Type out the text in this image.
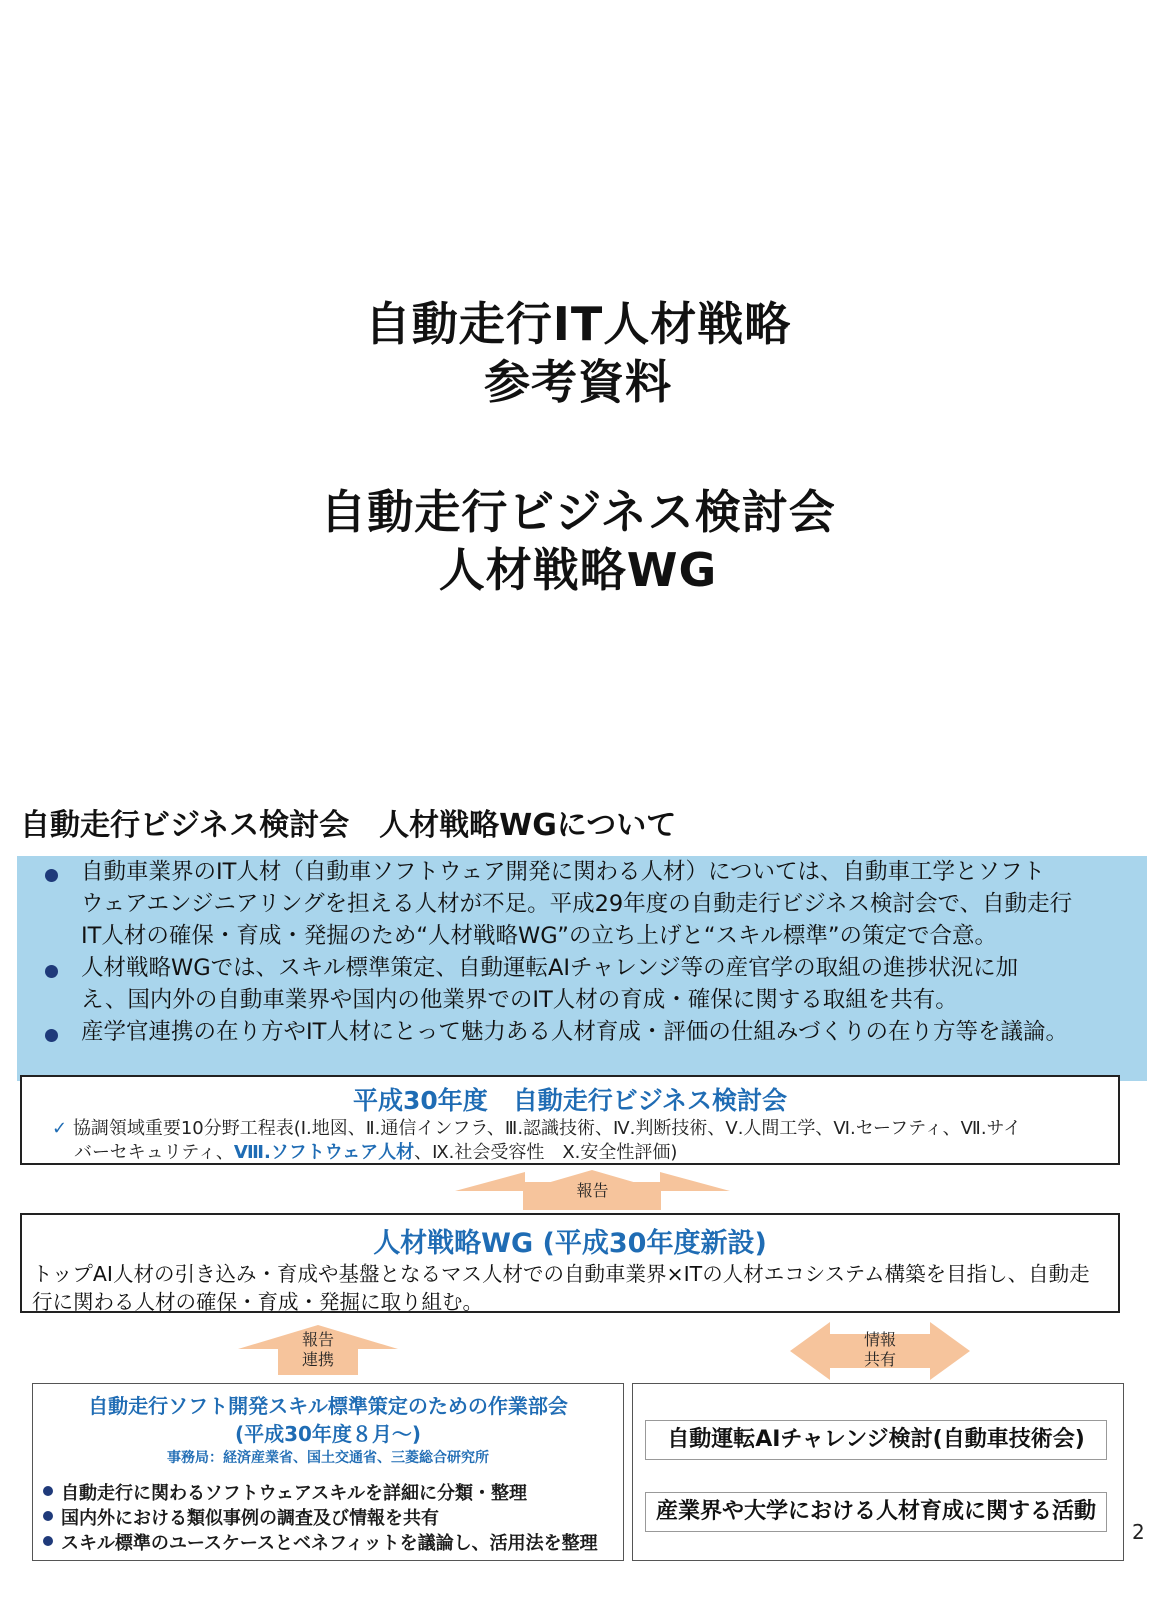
自動走行IT人材戦略
参考資料
自動走行ビジネス検討会
人材戦略WG
自動走行ビジネス検討会　人材戦略WGについて
自動車業界のIT人材（自動車ソフトウェア開発に関わる人材）については、自動車工学とソフト
ウェアエンジニアリングを担える人材が不足。平成29年度の自動走行ビジネス検討会で、自動走行
IT人材の確保・育成・発掘のため“人材戦略WG”の立ち上げと“スキル標準”の策定で合意。
人材戦略WGでは、スキル標準策定、自動運転AIチャレンジ等の産官学の取組の進捗状況に加
え、国内外の自動車業界や国内の他業界でのIT人材の育成・確保に関する取組を共有。
産学官連携の在り方やIT人材にとって魅力ある人材育成・評価の仕組みづくりの在り方等を議論。
平成30年度　自動走行ビジネス検討会
✓ 協調領域重要10分野工程表(Ⅰ.地図、Ⅱ.通信インフラ、Ⅲ.認識技術、Ⅳ.判断技術、Ⅴ.人間工学、Ⅵ.セーフティ、Ⅶ.サイ
バーセキュリティ、Ⅷ.ソフトウェア人材、Ⅸ.社会受容性　Ⅹ.安全性評価)
報告
人材戦略WG (平成30年度新設)
トップAI人材の引き込み・育成や基盤となるマス人材での自動車業界×ITの人材エコシステム構築を目指し、自動走
行に関わる人材の確保・育成・発掘に取り組む。
報告
連携
情報
共有
自動走行ソフト開発スキル標準策定のための作業部会
(平成30年度８月～)
事務局：経済産業省、国土交通省、三菱総合研究所
自動走行に関わるソフトウェアスキルを詳細に分類・整理
国内外における類似事例の調査及び情報を共有
スキル標準のユースケースとベネフィットを議論し、活用法を整理
自動運転AIチャレンジ検討(自動車技術会)
産業界や大学における人材育成に関する活動
2
